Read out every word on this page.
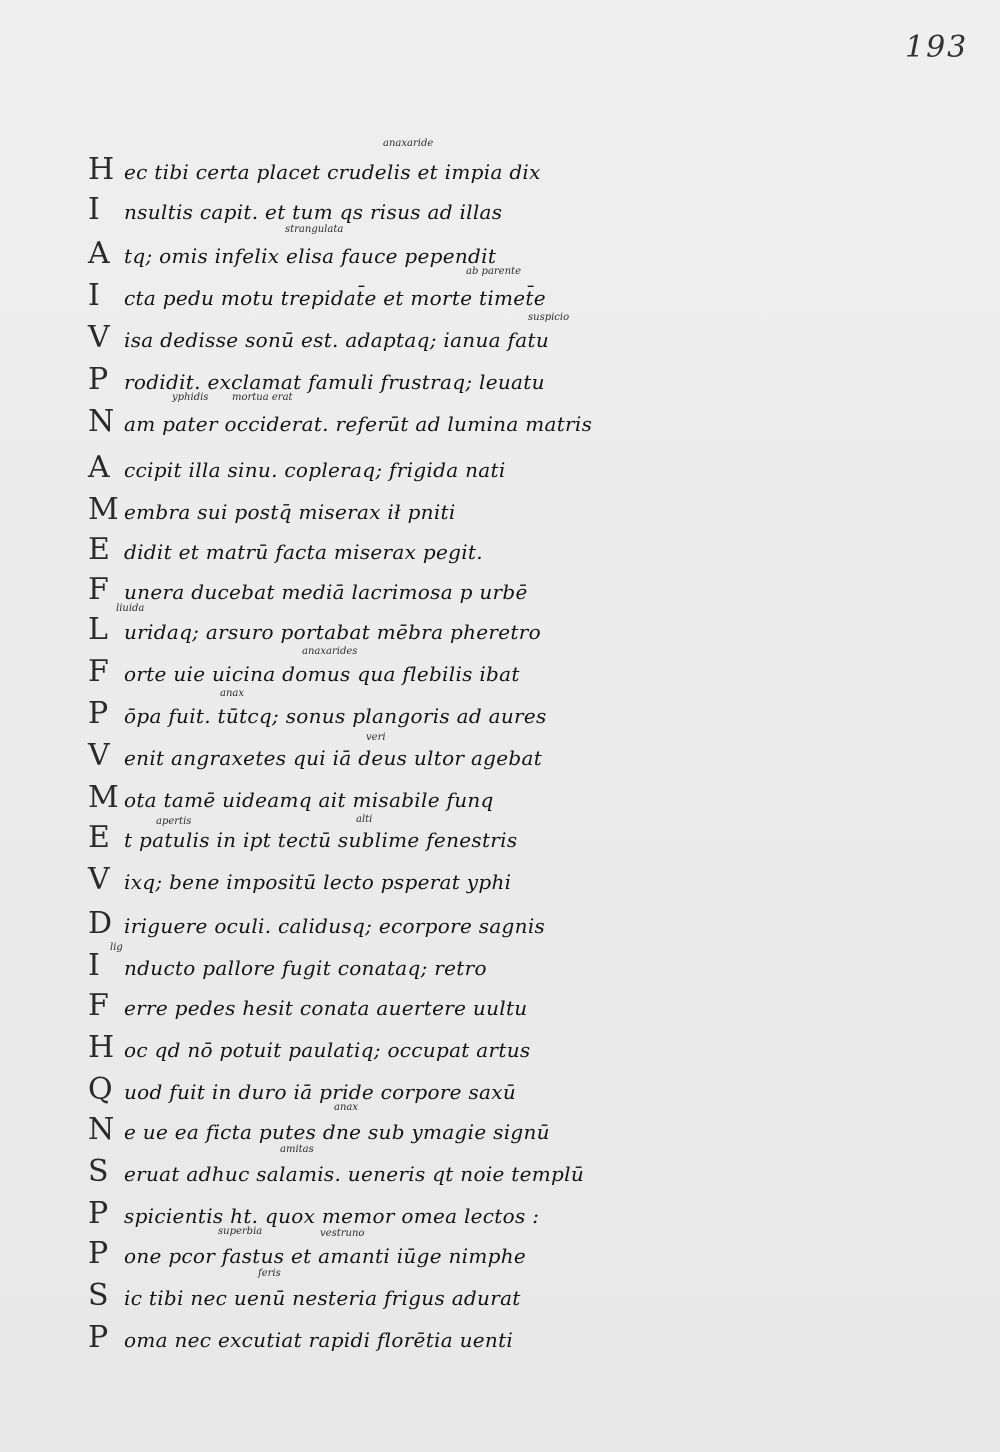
193
H ec tibi certa placet crudelis et impia dix
I	nsultis capit. et tum qs risus ad illas
A tq; omis infelix elisa fauce pependit
I	cta pedu motu trepidat̄e et morte timet̄e
V isa dedisse sonū est. adaptaq; ianua fatu
P rodidit. exclamat famuli frustraq; leuatu
N am pater occiderat. referūt ad lumina matris
A ccipit illa sinu. copleraq; frigida nati
M embra sui postq̄ miserax ił pniti
E didit et matrū facta miserax pegit.
F unera ducebat mediā lacrimosa p urbē
L uridaq; arsuro portabat mēbra pheretro
F orte uie uicina domus qua flebilis ibat
P ōpa fuit. tūtcq; sonus plangoris ad aures
V enit angraxetes qui iā deus ultor agebat
M ota tamē uideamq ait misabile funq
E t patulis in ipt tectū sublime fenestris
V ixq; bene impositū lecto psperat yphi
D iriguere oculi. calidusq; ecorpore sagnis
I	nducto pallore fugit conataq; retro
F erre pedes hesit conata auertere uultu
H oc qd nō potuit paulatiq; occupat artus
Q uod fuit in duro iā pride corpore saxū
N e ue ea ficta putes dne sub ymagie signū
S eruat adhuc salamis. ueneris qt noie templū
P spicientis ht. quox memor omea lectos :
P one pcor fastus et amanti iūge nimphe
S ic tibi nec uenū nesteria frigus adurat
P oma nec excutiat rapidi florētia uenti
anaxaride
strangulata
ab parente
suspicio
yphidis mortua erat
liuida
anaxarides
anax
veri
apertis	alti
lig
anax
amitas
superbia	vestruno
feris
